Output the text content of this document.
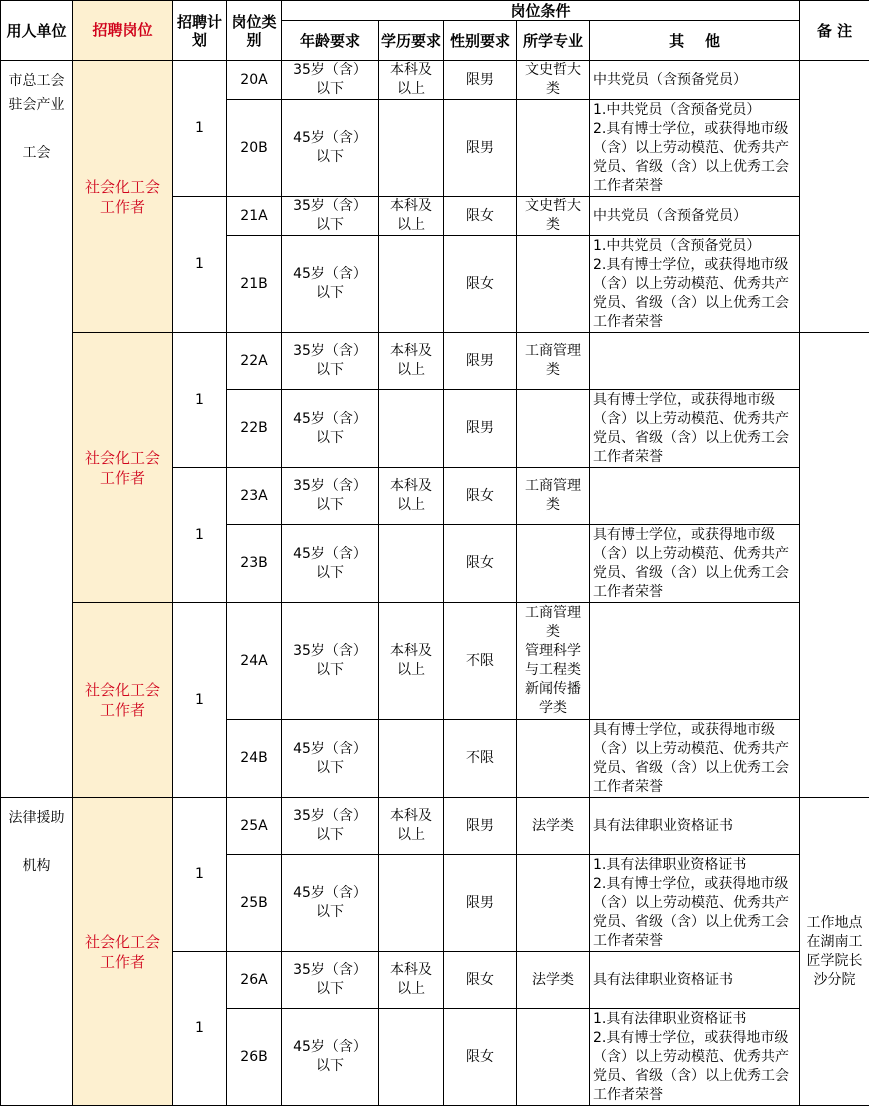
用人单位	招聘岗位	招聘计划	岗位类别	岗位条件					备 注
				年龄要求	学历要求	性别要求	所学专业	其    他	

市总工会
驻会产业

工会	社会化工会工作者	1	20A	35岁（含）以下	本科及以上	限男	文史哲大类	中共党员（含预备党员）	
			20B	45岁（含）以下		限男		1.中共党员（含预备党员）
2.具有博士学位，或获得地市级（含）以上劳动模范、优秀共产党员、省级（含）以上优秀工会工作者荣誉	

		1	21A	35岁（含）以下	本科及以上	限女	文史哲大类	中共党员（含预备党员）	
			21B	45岁（含）以下		限女		1.中共党员（含预备党员）
2.具有博士学位，或获得地市级（含）以上劳动模范、优秀共产党员、省级（含）以上优秀工会工作者荣誉	

	社会化工会工作者	1	22A	35岁（含）以下	本科及以上	限男	工商管理类		
			22B	45岁（含）以下		限男		具有博士学位，或获得地市级（含）以上劳动模范、优秀共产党员、省级（含）以上优秀工会工作者荣誉	
		1	23A	35岁（含）以下	本科及以上	限女	工商管理类		
			23B	45岁（含）以下		限女		具有博士学位，或获得地市级（含）以上劳动模范、优秀共产党员、省级（含）以上优秀工会工作者荣誉	
	社会化工会工作者	1	24A	35岁（含）以下	本科及以上	不限	工商管理类
管理科学与工程类
新闻传播学类		

			24B	45岁（含）以下		不限		具有博士学位，或获得地市级（含）以上劳动模范、优秀共产党员、省级（含）以上优秀工会工作者荣誉	

法律援助

机构	社会化工会工作者	1	25A	35岁（含）以下	本科及以上	限男	法学类	具有法律职业资格证书	工作地点在湖南工匠学院长沙分院
			25B	45岁（含）以下		限男		1.具有法律职业资格证书
2.具有博士学位，或获得地市级（含）以上劳动模范、优秀共产党员、省级（含）以上优秀工会工作者荣誉	

		1	26A	35岁（含）以下	本科及以上	限女	法学类	具有法律职业资格证书	
			26B	45岁（含）以下		限女		1.具有法律职业资格证书
2.具有博士学位，或获得地市级（含）以上劳动模范、优秀共产党员、省级（含）以上优秀工会工作者荣誉	
